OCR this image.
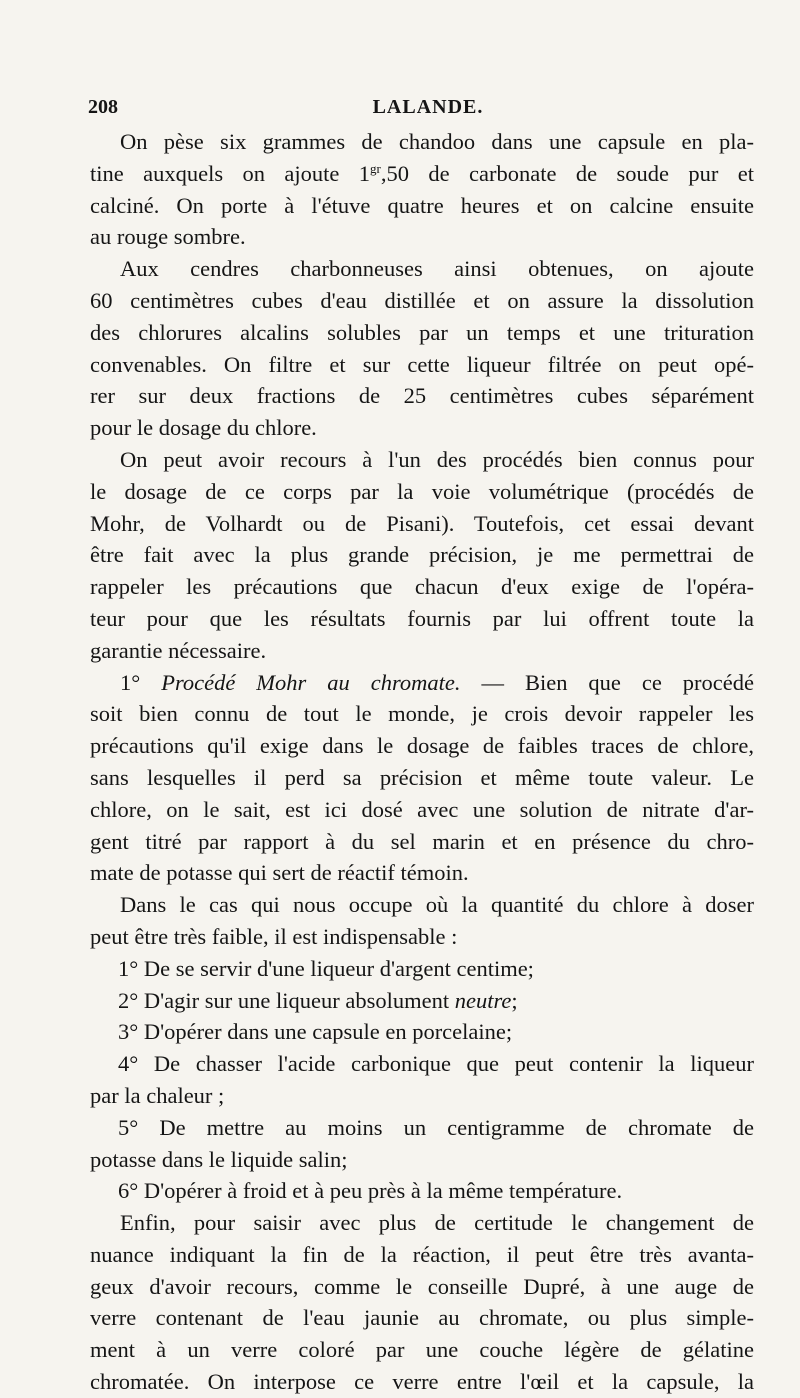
208	LALANDE.
On pèse six grammes de chandoo dans une capsule en pla-
tine auxquels on ajoute $1^{gr},50$ de carbonate de soude pur et
calciné. On porte à l'étuve quatre heures et on calcine ensuite
au rouge sombre.
Aux cendres charbonneuses ainsi obtenues, on ajoute
60 centimètres cubes d'eau distillée et on assure la dissolution
des chlorures alcalins solubles par un temps et une trituration
convenables. On filtre et sur cette liqueur filtrée on peut opé-
rer sur deux fractions de 25 centimètres cubes séparément
pour le dosage du chlore.
On peut avoir recours à l'un des procédés bien connus pour
le dosage de ce corps par la voie volumétrique (procédés de
Mohr, de Volhardt ou de Pisani). Toutefois, cet essai devant
être fait avec la plus grande précision, je me permettrai de
rappeler les précautions que chacun d'eux exige de l'opéra-
teur pour que les résultats fournis par lui offrent toute la
garantie nécessaire.
1° Procédé Mohr au chromate. — Bien que ce procédé
soit bien connu de tout le monde, je crois devoir rappeler les
précautions qu'il exige dans le dosage de faibles traces de chlore,
sans lesquelles il perd sa précision et même toute valeur. Le
chlore, on le sait, est ici dosé avec une solution de nitrate d'ar-
gent titré par rapport à du sel marin et en présence du chro-
mate de potasse qui sert de réactif témoin.
Dans le cas qui nous occupe où la quantité du chlore à doser
peut être très faible, il est indispensable :
1° De se servir d'une liqueur d'argent centime;
2° D'agir sur une liqueur absolument neutre;
3° D'opérer dans une capsule en porcelaine;
4° De chasser l'acide carbonique que peut contenir la liqueur
par la chaleur ;
5° De mettre au moins un centigramme de chromate de
potasse dans le liquide salin;
6° D'opérer à froid et à peu près à la même température.
Enfin, pour saisir avec plus de certitude le changement de
nuance indiquant la fin de la réaction, il peut être très avanta-
geux d'avoir recours, comme le conseille Dupré, à une auge de
verre contenant de l'eau jaunie au chromate, ou plus simple-
ment à un verre coloré par une couche légère de gélatine
chromatée. On interpose ce verre entre l'œil et la capsule, la
